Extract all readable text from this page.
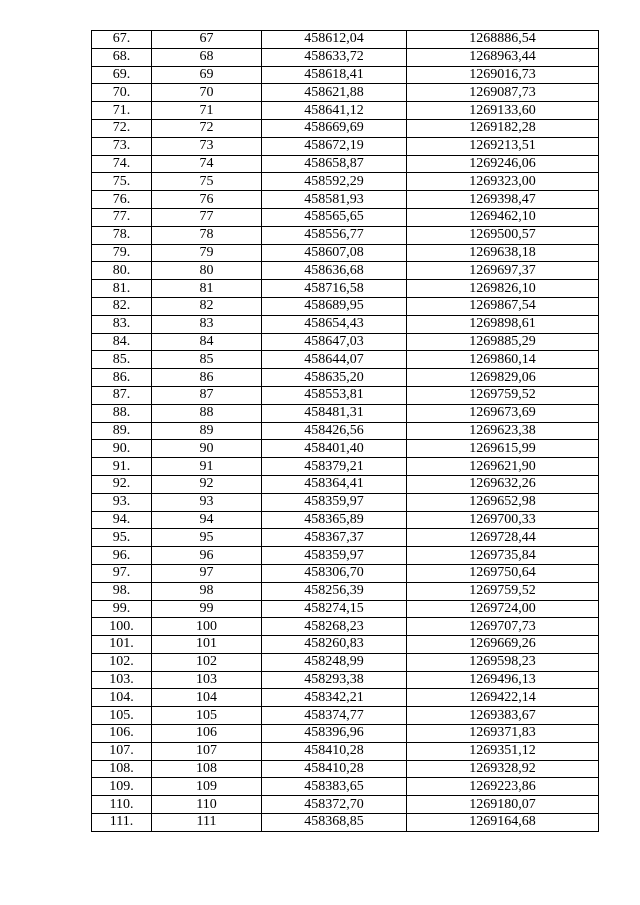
67.	67	458612,04	1268886,54
68.	68	458633,72	1268963,44
69.	69	458618,41	1269016,73
70.	70	458621,88	1269087,73
71.	71	458641,12	1269133,60
72.	72	458669,69	1269182,28
73.	73	458672,19	1269213,51
74.	74	458658,87	1269246,06
75.	75	458592,29	1269323,00
76.	76	458581,93	1269398,47
77.	77	458565,65	1269462,10
78.	78	458556,77	1269500,57
79.	79	458607,08	1269638,18
80.	80	458636,68	1269697,37
81.	81	458716,58	1269826,10
82.	82	458689,95	1269867,54
83.	83	458654,43	1269898,61
84.	84	458647,03	1269885,29
85.	85	458644,07	1269860,14
86.	86	458635,20	1269829,06
87.	87	458553,81	1269759,52
88.	88	458481,31	1269673,69
89.	89	458426,56	1269623,38
90.	90	458401,40	1269615,99
91.	91	458379,21	1269621,90
92.	92	458364,41	1269632,26
93.	93	458359,97	1269652,98
94.	94	458365,89	1269700,33
95.	95	458367,37	1269728,44
96.	96	458359,97	1269735,84
97.	97	458306,70	1269750,64
98.	98	458256,39	1269759,52
99.	99	458274,15	1269724,00
100.	100	458268,23	1269707,73
101.	101	458260,83	1269669,26
102.	102	458248,99	1269598,23
103.	103	458293,38	1269496,13
104.	104	458342,21	1269422,14
105.	105	458374,77	1269383,67
106.	106	458396,96	1269371,83
107.	107	458410,28	1269351,12
108.	108	458410,28	1269328,92
109.	109	458383,65	1269223,86
110.	110	458372,70	1269180,07
111.	111	458368,85	1269164,68
